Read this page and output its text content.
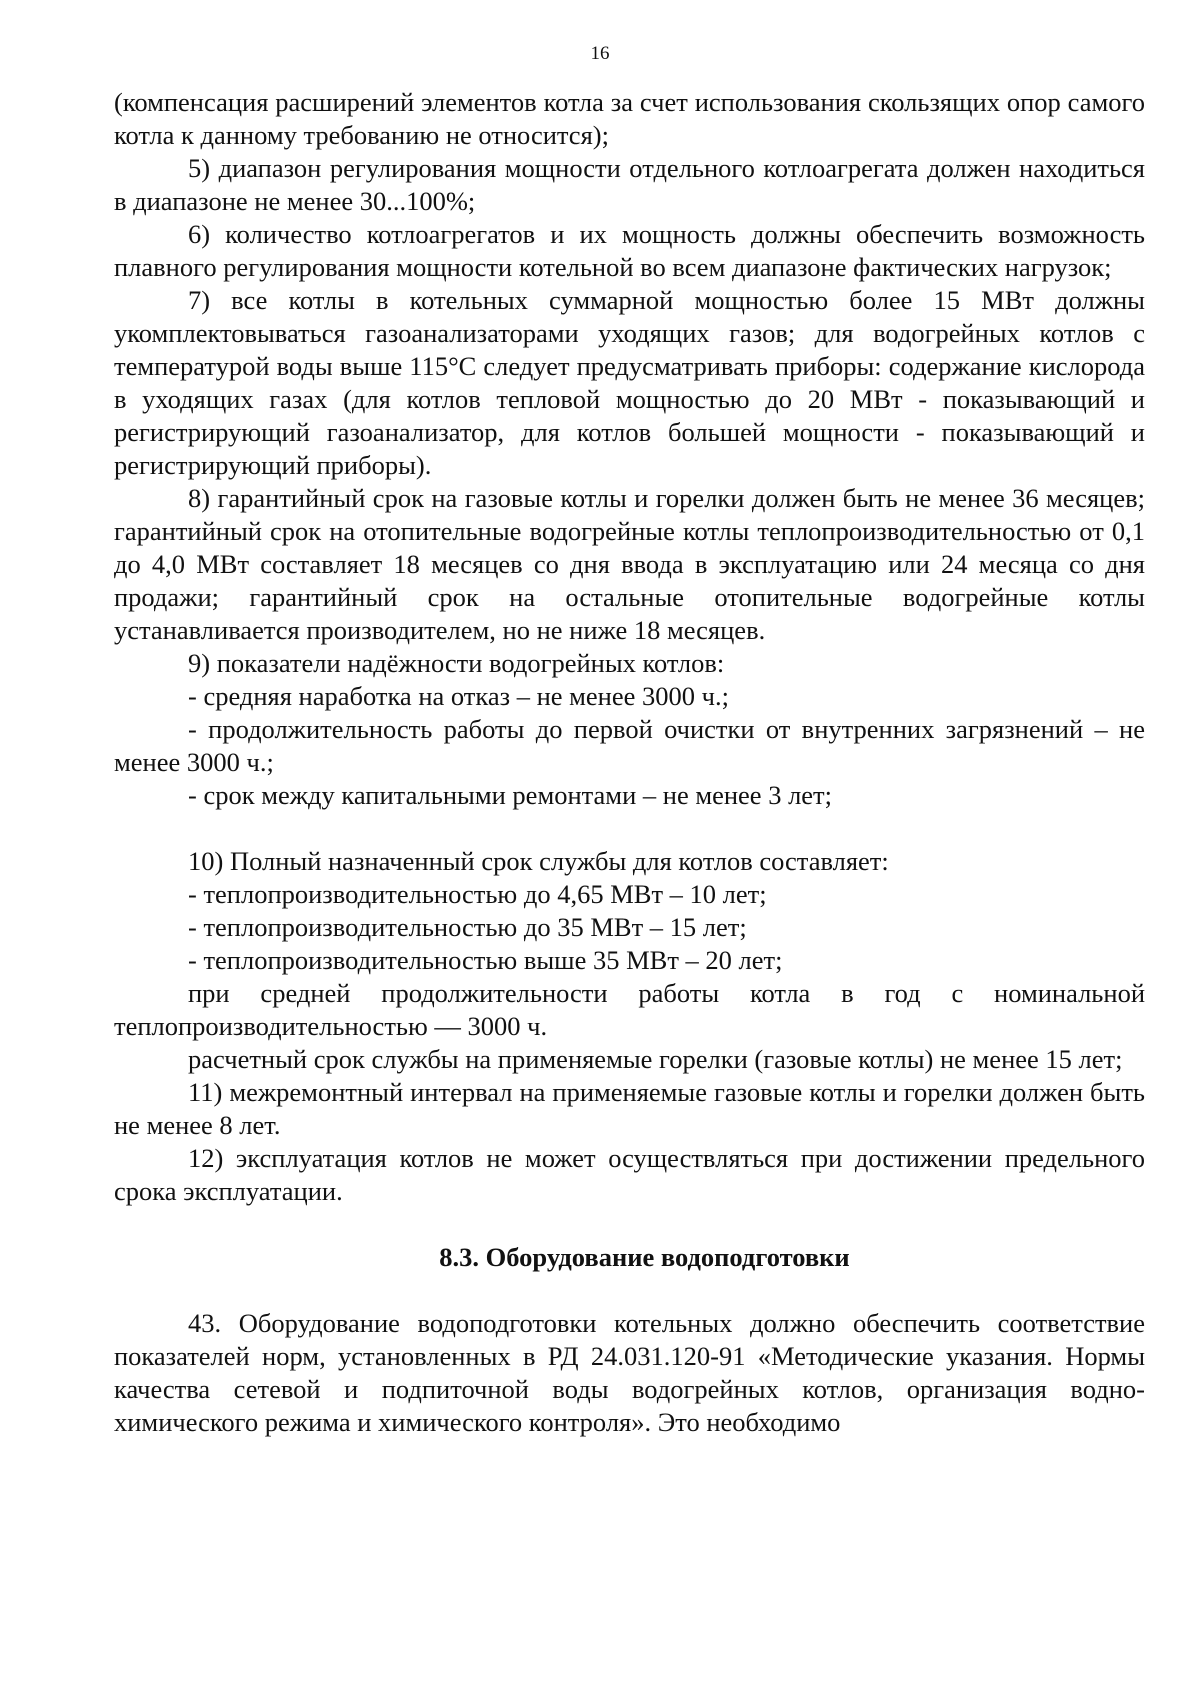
16

(компенсация расширений элементов котла за счет использования скользящих опор самого котла к данному требованию не относится);

5) диапазон регулирования мощности отдельного котлоагрегата должен находиться в диапазоне не менее 30...100%;

6) количество котлоагрегатов и их мощность должны обеспечить возможность плавного регулирования мощности котельной во всем диапазоне фактических нагрузок;

7) все котлы в котельных суммарной мощностью более 15 МВт должны укомплектовываться газоанализаторами уходящих газов; для водогрейных котлов с температурой воды выше 115°С следует предусматривать приборы: содержание кислорода в уходящих газах (для котлов тепловой мощностью до 20 МВт - показывающий и регистрирующий газоанализатор, для котлов большей мощности - показывающий и регистрирующий приборы).

8) гарантийный срок на газовые котлы и горелки должен быть не менее 36 месяцев; гарантийный срок на отопительные водогрейные котлы теплопроизводительностью от 0,1 до 4,0 МВт составляет 18 месяцев со дня ввода в эксплуатацию или 24 месяца со дня продажи; гарантийный срок на остальные отопительные водогрейные котлы устанавливается производителем, но не ниже 18 месяцев.

9) показатели надёжности водогрейных котлов:

- средняя наработка на отказ – не менее 3000 ч.;

- продолжительность работы до первой очистки от внутренних загрязнений – не менее 3000 ч.;

- срок между капитальными ремонтами – не менее 3 лет;

10) Полный назначенный срок службы для котлов составляет:

- теплопроизводительностью до 4,65 МВт – 10 лет;

- теплопроизводительностью до 35 МВт – 15 лет;

- теплопроизводительностью выше 35 МВт – 20 лет;

при средней продолжительности работы котла в год с номинальной теплопроизводительностью — 3000 ч.

расчетный срок службы на применяемые горелки (газовые котлы) не менее 15 лет;

11) межремонтный интервал на применяемые газовые котлы и горелки должен быть не менее 8 лет.

12) эксплуатация котлов не может осуществляться при достижении предельного срока эксплуатации.

8.3. Оборудование водоподготовки

43. Оборудование водоподготовки котельных должно обеспечить соответствие показателей норм, установленных в РД 24.031.120-91 «Методические указания. Нормы качества сетевой и подпиточной воды водогрейных котлов, организация водно-химического режима и химического контроля». Это необходимо
